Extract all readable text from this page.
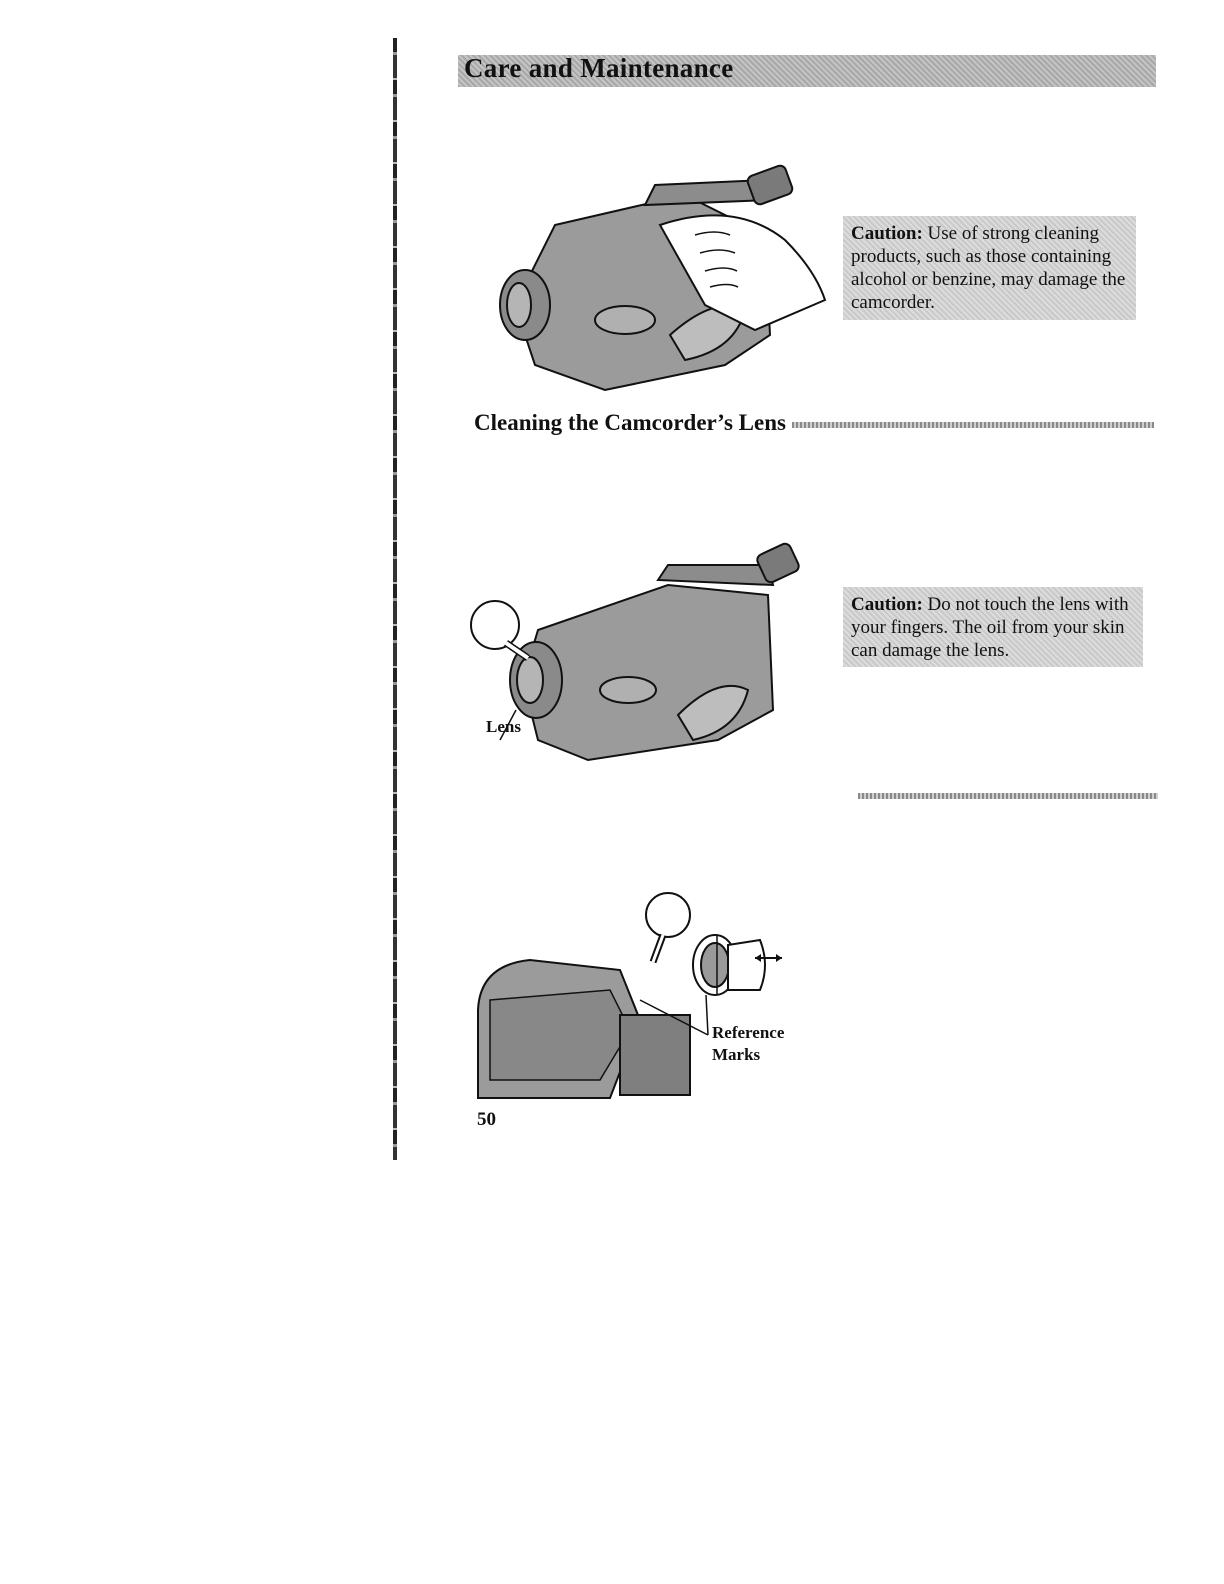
Care and Maintenance
Caution: Use of strong cleaning products, such as those containing alcohol or benzine, may damage the camcorder.
Cleaning the Camcorder’s Lens
Lens
Caution: Do not touch the lens with your fingers. The oil from your skin can damage the lens.
Reference
Marks
50
